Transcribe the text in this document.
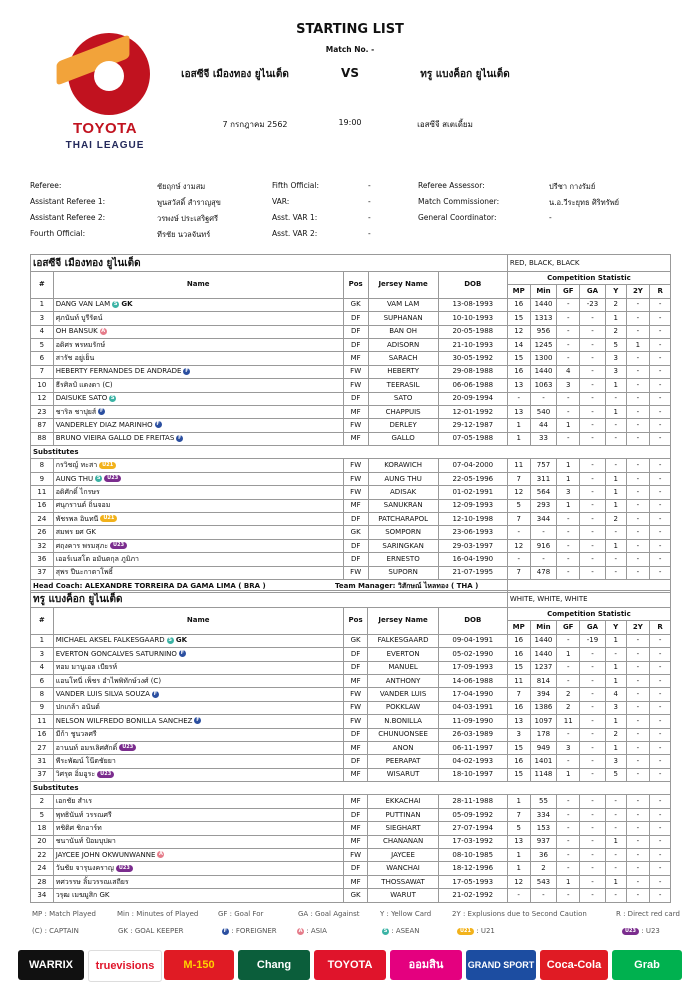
TOYOTA
THAI LEAGUE
STARTING LIST
Match No. -
เอสซีจี เมืองทอง ยูไนเต็ด	VS	ทรู แบงค็อก ยูไนเต็ด
7 กรกฎาคม 2562	19:00	เอสซีจี สเตเดี้ยม
Referee:	ชัยฤกษ์ งามสม
Assistant Referee 1:	พูนสวัสดิ์ สำราญสุข
Assistant Referee 2:	วรพงษ์ ประเสริฐศรี
Fourth Official:	ทีรชัย นวลจันทร์
Fifth Official:	-
VAR:	-
Asst. VAR 1:	-
Asst. VAR 2:	-
Referee Assessor:	ปรีชา กางรัมย์
Match Commissioner:	น.อ.วีระยุทธ ศิริทรัพย์
General Coordinator:	-
เอสซีจี เมืองทอง ยูไนเต็ด					RED, BLACK, BLACK						
#	Name	Pos	Jersey Name	DOB	Competition Statistic						
					MP	Min	GF	GA	Y	2Y	R
1	DANG VAN LAM S GK	GK	VAM LAM	13-08-1993	16	1440	-	-23	2	-	-
3	ศุภนันท์ บูรีรัตน์	DF	SUPHANAN	10-10-1993	15	1313	-	-	1	-	-
4	OH BANSUK A	DF	BAN OH	20-05-1988	12	956	-	-	2	-	-
5	อดิศร พรหมรักษ์	DF	ADISORN	21-10-1993	14	1245	-	-	5	1	-
6	สารัช อยู่เย็น	MF	SARACH	30-05-1992	15	1300	-	-	3	-	-
7	HEBERTY FERNANDES DE ANDRADE F	FW	HEBERTY	29-08-1988	16	1440	4	-	3	-	-
10	ธีรศิลป์ แดงดา (C)	FW	TEERASIL	06-06-1988	13	1063	3	-	1	-	-
12	DAISUKE SATO S	DF	SATO	20-09-1994	-	-	-	-	-	-	-
23	ชาริล ชาปุยส์ F	MF	CHAPPUIS	12-01-1992	13	540	-	-	1	-	-
87	VANDERLEY DIAZ MARINHO F	FW	DERLEY	29-12-1987	1	44	1	-	-	-	-
88	BRUNO VIEIRA GALLO DE FREITAS F	MF	GALLO	07-05-1988	1	33	-	-	-	-	-
Substitutes											
8	กรวิชญ์ ทะสา U21	FW	KORAWICH	07-04-2000	11	757	1	-	-	-	-
9	AUNG THU S U23	FW	AUNG THU	22-05-1996	7	311	1	-	1	-	-
11	อดิศักดิ์ ไกรษร	FW	ADISAK	01-02-1991	12	564	3	-	1	-	-
16	ศนุกรานต์ ถิ่นจอม	MF	SANUKRAN	12-09-1993	5	293	1	-	1	-	-
24	พัชรพล อินทนี U21	DF	PATCHARAPOL	12-10-1998	7	344	-	-	2	-	-
26	สมพร ยศ GK	GK	SOMPORN	23-06-1993	-	-	-	-	-	-	-
32	ศฤงคาร พรมสุภะ U23	DF	SARINGKAN	29-03-1997	12	916	-	-	1	-	-
36	เออร์เนสโต อมันตกุล ภูมิภา	DF	ERNESTO	16-04-1990	-	-	-	-	-	-	-
37	สุพร ปีนะกาตาโพธิ์	FW	SUPORN	21-07-1995	7	478	-	-	-	-	-
Head Coach: ALEXANDRE TORREIRA DA GAMA LIMA ( BRA ) Team Manager: วิสักษณ์ ไหลทอง ( THA )											

ทรู แบงค็อก ยูไนเต็ด					WHITE, WHITE, WHITE						
#	Name	Pos	Jersey Name	DOB	Competition Statistic						
					MP	Min	GF	GA	Y	2Y	R
1	MICHAEL AKSEL FALKESGAARD S GK	GK	FALKESGAARD	09-04-1991	16	1440	-	-19	1	-	-
3	EVERTON GONCALVES SATURNINO F	DF	EVERTON	05-02-1990	16	1440	1	-	-	-	-
4	ทอม มานูเอล เบียรห์	DF	MANUEL	17-09-1993	15	1237	-	-	1	-	-
6	แอนโทนี่ เพ็ชร อำไพพิทักษ์วงศ์ (C)	MF	ANTHONY	14-06-1988	11	814	-	-	1	-	-
8	VANDER LUIS SILVA SOUZA F	FW	VANDER LUIS	17-04-1990	7	394	2	-	4	-	-
9	ปกเกล้า อนันต์	FW	POKKLAW	04-03-1991	16	1386	2	-	3	-	-
11	NELSON WILFREDO BONILLA SANCHEZ F	FW	N.BONILLA	11-09-1990	13	1097	11	-	1	-	-
16	มีก้า ชูนวลศรี	DF	CHUNUONSEE	26-03-1989	3	178	-	-	2	-	-
27	อานนท์ อมรเลิศศักดิ์ U23	MF	ANON	06-11-1997	15	949	3	-	1	-	-
31	พีระพัฒน์ โน๊ตชัยยา	DF	PEERAPAT	04-02-1993	16	1401	-	-	3	-	-
37	วิศรุต อิ่มอูระ U23	MF	WISARUT	18-10-1997	15	1148	1	-	5	-	-
Substitutes											
2	เอกชัย สำเร	MF	EKKACHAI	28-11-1988	1	55	-	-	-	-	-
5	พุทธินันท์ วรรณศรี	DF	PUTTINAN	05-09-1992	7	334	-	-	-	-	-
18	ทชิติศ ชิกอาร์ท	MF	SIEGHART	27-07-1994	5	153	-	-	-	-	-
20	ชนานันท์ ป้อมบุปผา	MF	CHANANAN	17-03-1992	13	937	-	-	1	-	-
22	JAYCEE JOHN OKWUNWANNE A	FW	JAYCEE	08-10-1985	1	36	-	-	-	-	-
24	วันชัย จารุนงคราญ U23	DF	WANCHAI	18-12-1996	1	2	-	-	-	-	-
28	ทศวรรษ ลิ้มวรรณเสถียร	MF	THOSSAWAT	17-05-1993	12	543	1	-	1	-	-
34	วรุฒ เมฆมูสิก GK	GK	WARUT	21-02-1992	-	-	-	-	-	-	-
MP : Match Played	Min : Minutes of Played	GF : Goal For	GA : Goal Against	Y : Yellow Card	2Y : Explusions due to Second Caution	R : Direct red card
(C) : CAPTAIN	GK : GOAL KEEPER	F : FOREIGNER	A : ASIA	S : ASEAN	U21 : U21	U23 : U23
WARRIX	truevisions	M-150	Chang	TOYOTA	ออมสิน	GRAND SPORT	Coca-Cola	Grab
